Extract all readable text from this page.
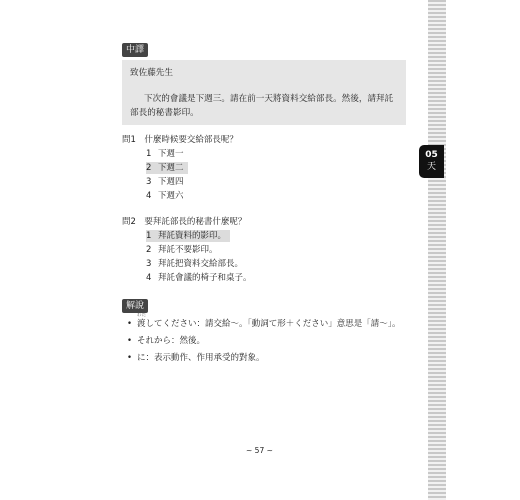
05
天
中譯

致佐藤先生

下次的會議是下週三。請在前一天將資料交給部長。然後，請拜託部長的秘書影印。

問1　什麼時候要交給部長呢？
1 下週一
2 下週二
3 下週四
4 下週六
問2　要拜託部長的秘書什麼呢？
1 拜託資料的影印。
2 拜託不要影印。
3 拜託把資料交給部長。
4 拜託會議的椅子和桌子。
解說
わた
• 渡してください：請交給～。「動詞て形＋ください」意思是「請～」。
• それから：然後。
• に：表示動作、作用承受的對象。
~ 57 ~
